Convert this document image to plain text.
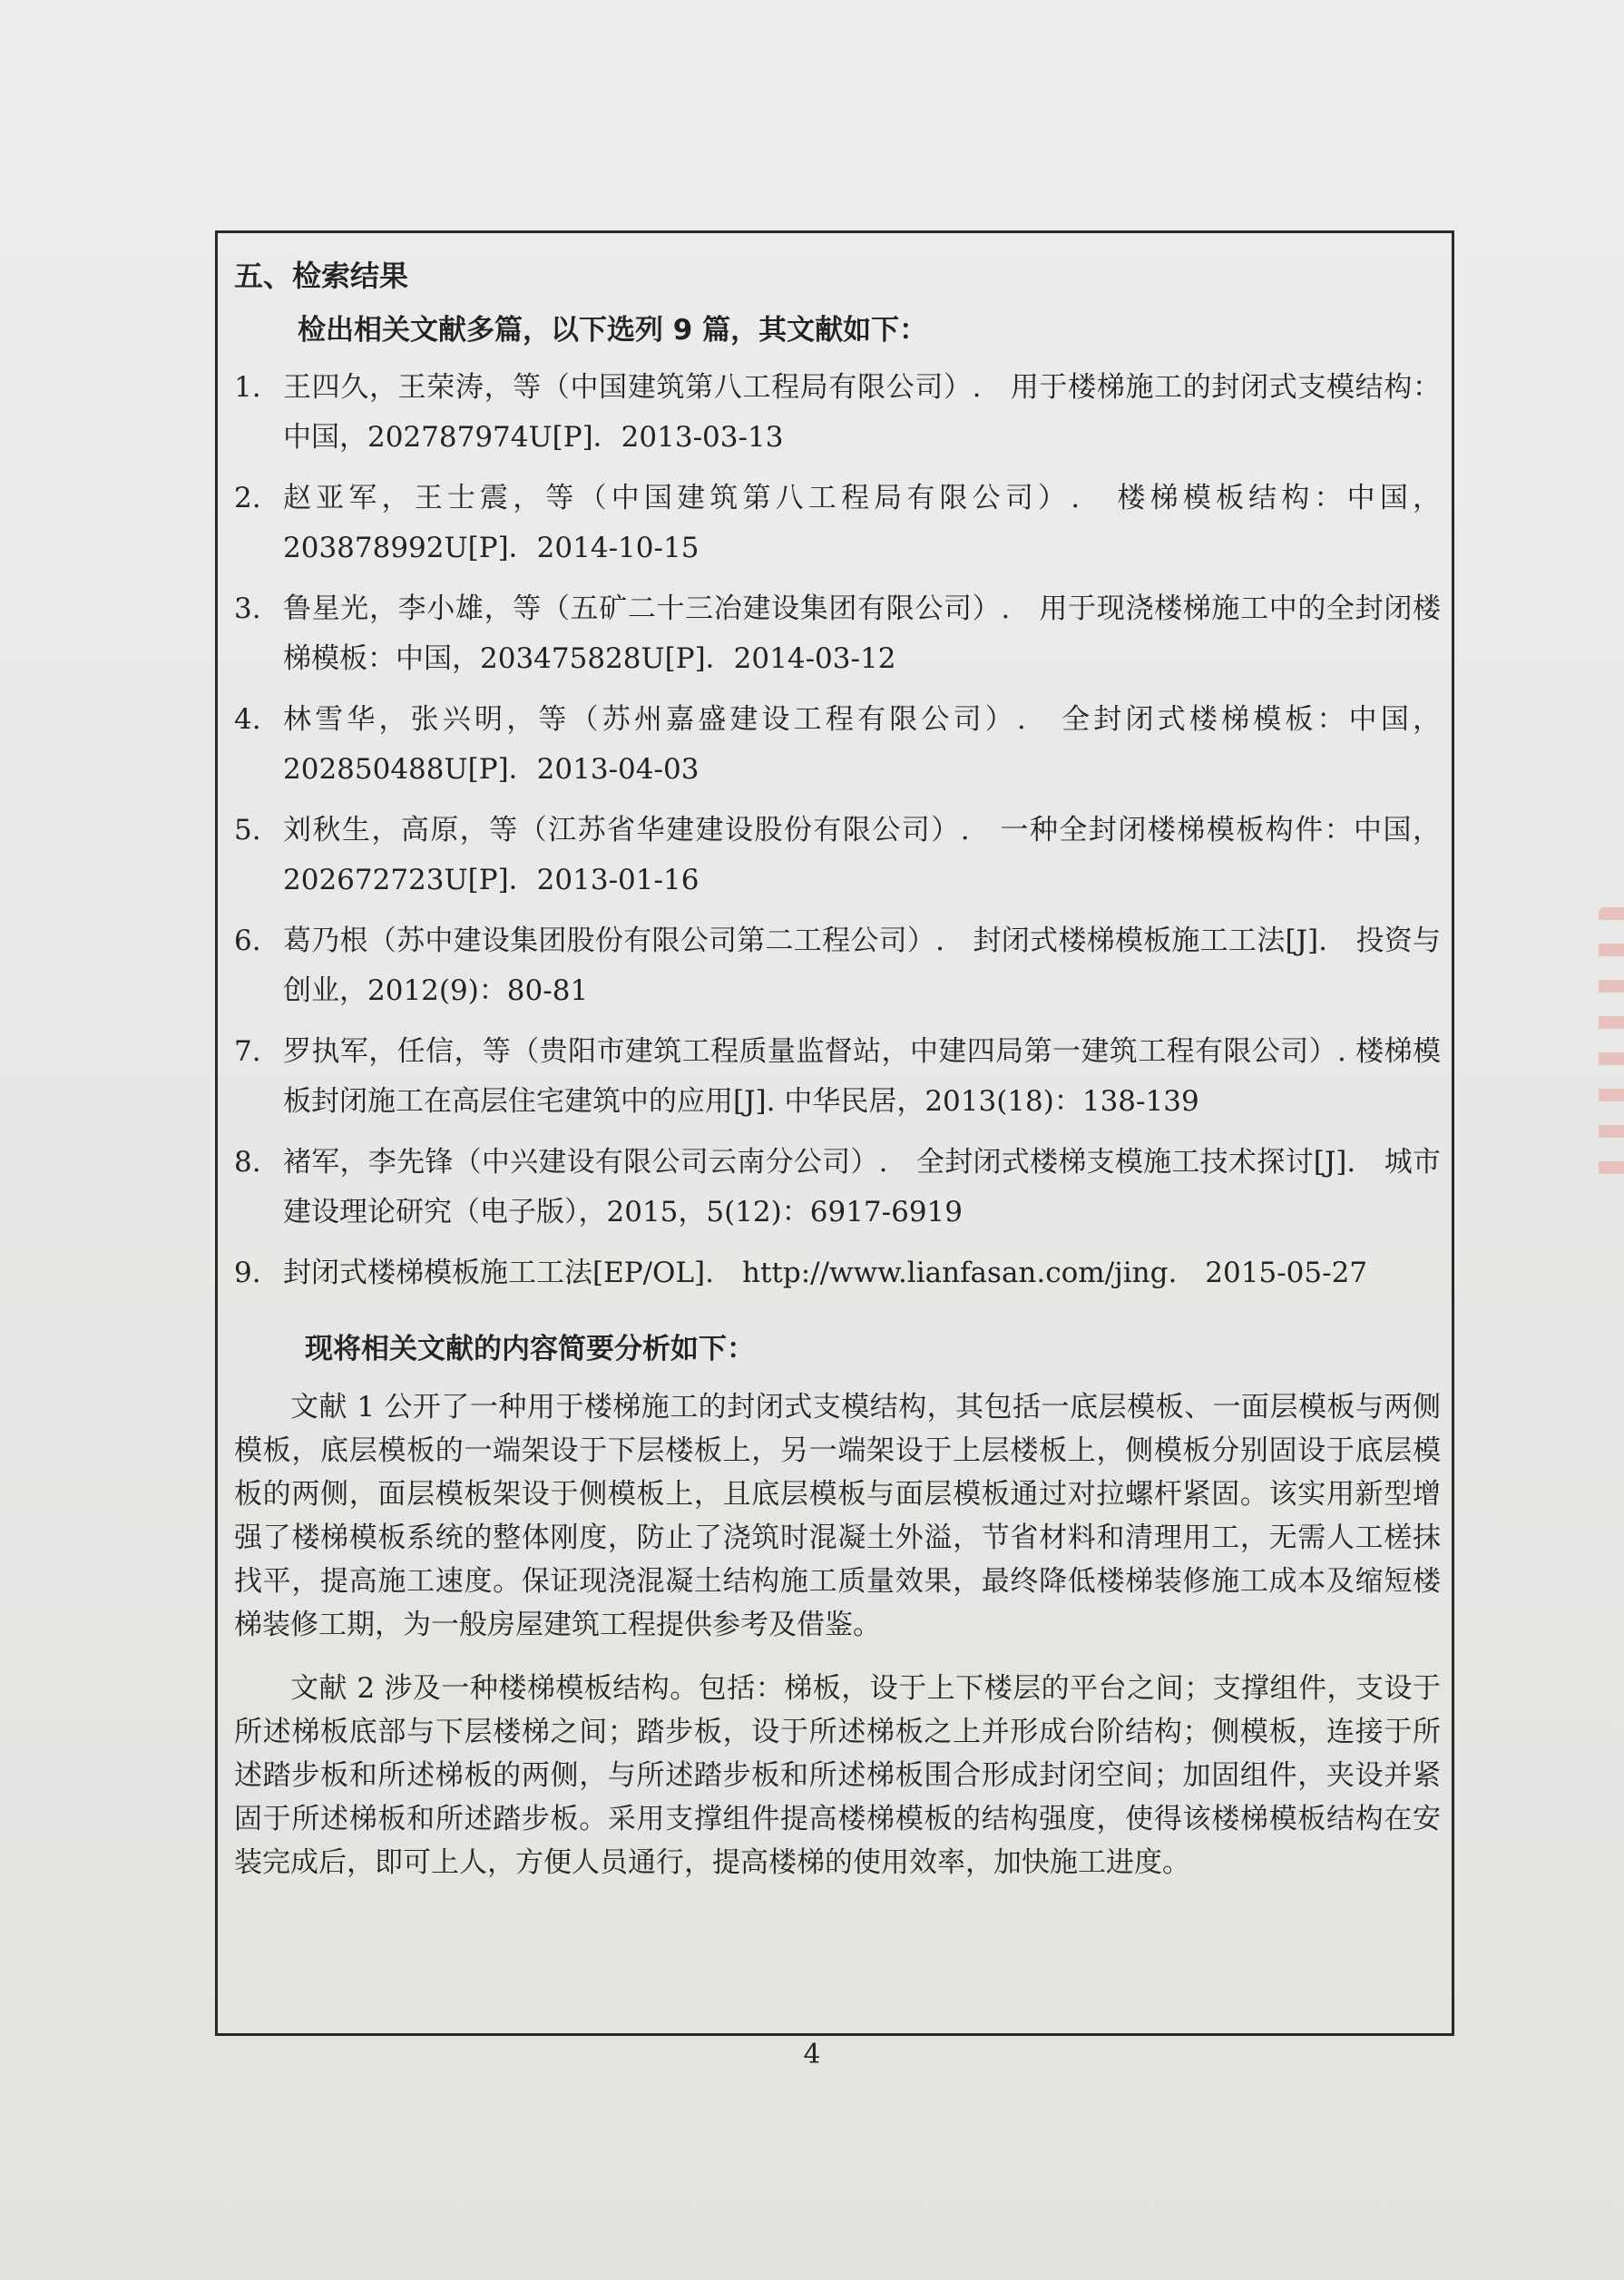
五、检索结果
检出相关文献多篇，以下选列 9 篇，其文献如下：
1. 王四久，王荣涛，等（中国建筑第八工程局有限公司）.　用于楼梯施工的封闭式支模结构：中国，202787974U[P]．2013-03-13
2. 赵亚军，王士震，等（中国建筑第八工程局有限公司）.　楼梯模板结构：中国，203878992U[P]．2014-10-15
3. 鲁星光，李小雄，等（五矿二十三冶建设集团有限公司）.　用于现浇楼梯施工中的全封闭楼梯模板：中国，203475828U[P]．2014-03-12
4. 林雪华，张兴明，等（苏州嘉盛建设工程有限公司）.　全封闭式楼梯模板：中国，202850488U[P]．2013-04-03
5. 刘秋生，高原，等（江苏省华建建设股份有限公司）.　一种全封闭楼梯模板构件：中国，202672723U[P]．2013-01-16
6. 葛乃根（苏中建设集团股份有限公司第二工程公司）.　封闭式楼梯模板施工工法[J].　投资与创业，2012(9)：80-81
7. 罗执军，任信，等（贵阳市建筑工程质量监督站，中建四局第一建筑工程有限公司）. 楼梯模板封闭施工在高层住宅建筑中的应用[J]. 中华民居，2013(18)：138-139
8. 褚军，李先锋（中兴建设有限公司云南分公司）.　全封闭式楼梯支模施工技术探讨[J].　城市建设理论研究（电子版），2015，5(12)：6917-6919
9. 封闭式楼梯模板施工工法[EP/OL].　http://www.lianfasan.com/jing.　2015-05-27
现将相关文献的内容简要分析如下：

文献 1 公开了一种用于楼梯施工的封闭式支模结构，其包括一底层模板、一面层模板与两侧模板，底层模板的一端架设于下层楼板上，另一端架设于上层楼板上，侧模板分别固设于底层模板的两侧，面层模板架设于侧模板上，且底层模板与面层模板通过对拉螺杆紧固。该实用新型增强了楼梯模板系统的整体刚度，防止了浇筑时混凝土外溢，节省材料和清理用工，无需人工槎抹找平，提高施工速度。保证现浇混凝土结构施工质量效果，最终降低楼梯装修施工成本及缩短楼梯装修工期，为一般房屋建筑工程提供参考及借鉴。

文献 2 涉及一种楼梯模板结构。包括：梯板，设于上下楼层的平台之间；支撑组件，支设于所述梯板底部与下层楼梯之间；踏步板，设于所述梯板之上并形成台阶结构；侧模板，连接于所述踏步板和所述梯板的两侧，与所述踏步板和所述梯板围合形成封闭空间；加固组件，夹设并紧固于所述梯板和所述踏步板。采用支撑组件提高楼梯模板的结构强度，使得该楼梯模板结构在安装完成后，即可上人，方便人员通行，提高楼梯的使用效率，加快施工进度。

4
